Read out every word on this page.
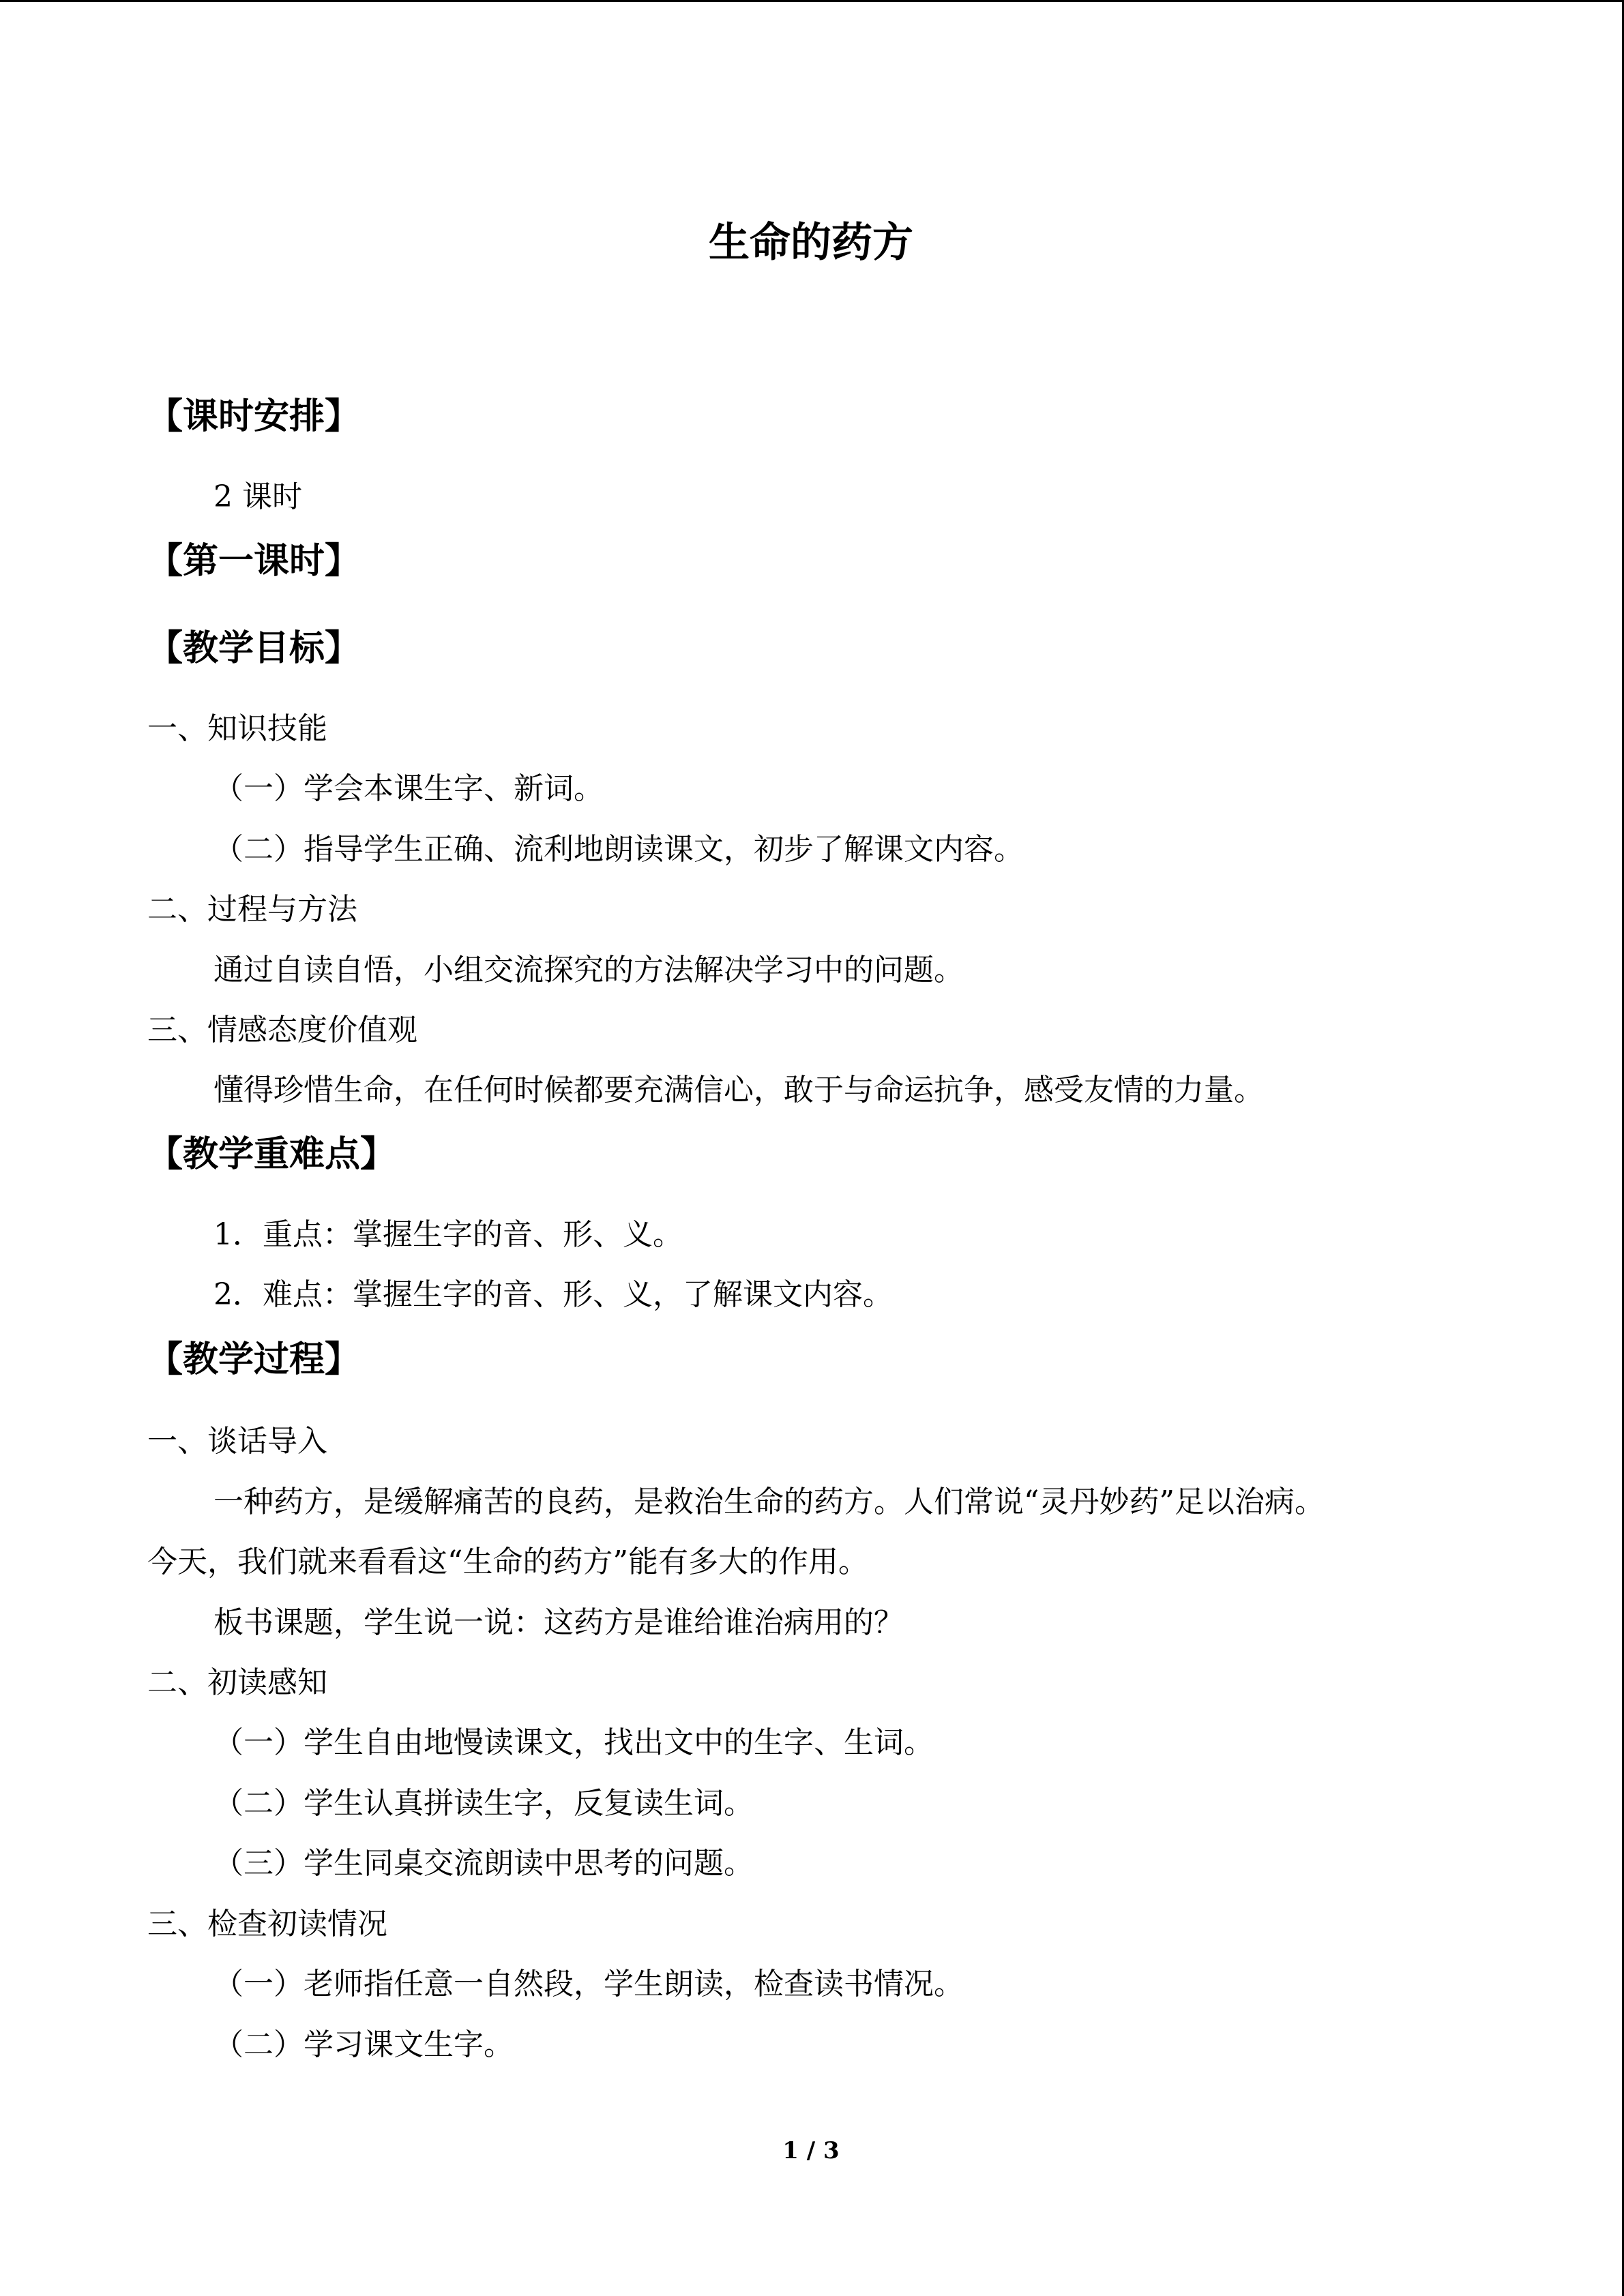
生命的药方
【课时安排】
2 课时
【第一课时】
【教学目标】
一、知识技能
（一）学会本课生字、新词。
（二）指导学生正确、流利地朗读课文，初步了解课文内容。
二、过程与方法
通过自读自悟，小组交流探究的方法解决学习中的问题。
三、情感态度价值观
懂得珍惜生命，在任何时候都要充满信心，敢于与命运抗争，感受友情的力量。
【教学重难点】
1．重点：掌握生字的音、形、义。
2．难点：掌握生字的音、形、义，了解课文内容。
【教学过程】
一、谈话导入
一种药方，是缓解痛苦的良药，是救治生命的药方。人们常说“灵丹妙药”足以治病。
今天，我们就来看看这“生命的药方”能有多大的作用。
板书课题，学生说一说：这药方是谁给谁治病用的？
二、初读感知
（一）学生自由地慢读课文，找出文中的生字、生词。
（二）学生认真拼读生字，反复读生词。
（三）学生同桌交流朗读中思考的问题。
三、检查初读情况
（一）老师指任意一自然段，学生朗读，检查读书情况。
（二）学习课文生字。
1 / 3
